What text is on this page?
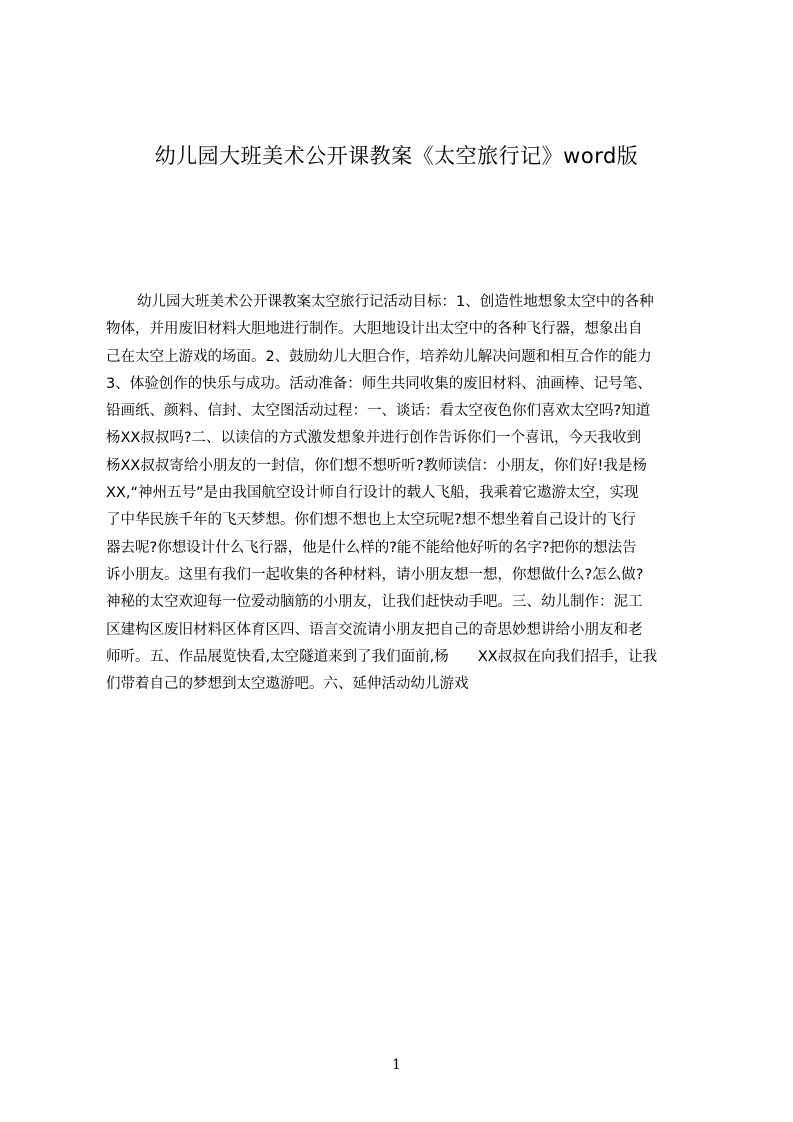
幼儿园大班美术公开课教案《太空旅行记》word版
幼儿园大班美术公开课教案太空旅行记活动目标：1、创造性地想象太空中的各种
物体，并用废旧材料大胆地进行制作。大胆地设计出太空中的各种飞行器，想象出自
己在太空上游戏的场面。2、鼓励幼儿大胆合作，培养幼儿解决问题和相互合作的能力
3、体验创作的快乐与成功。活动准备：师生共同收集的废旧材料、油画棒、记号笔、
铅画纸、颜料、信封、太空图活动过程：一、谈话：看太空夜色你们喜欢太空吗?知道
杨XX叔叔吗?二、以读信的方式激发想象并进行创作告诉你们一个喜讯，今天我收到
杨XX叔叔寄给小朋友的一封信，你们想不想听听?教师读信：小朋友，你们好!我是杨
XX,“神州五号”是由我国航空设计师自行设计的载人飞船，我乘着它遨游太空，实现
了中华民族千年的飞天梦想。你们想不想也上太空玩呢?想不想坐着自己设计的飞行
器去呢?你想设计什么飞行器，他是什么样的?能不能给他好听的名字?把你的想法告
诉小朋友。这里有我们一起收集的各种材料，请小朋友想一想，你想做什么?怎么做?
神秘的太空欢迎每一位爱动脑筋的小朋友，让我们赶快动手吧。三、幼儿制作：泥工
区建构区废旧材料区体育区四、语言交流请小朋友把自己的奇思妙想讲给小朋友和老
师听。五、作品展览快看,太空隧道来到了我们面前,杨　　XX叔叔在向我们招手，让我
们带着自己的梦想到太空遨游吧。六、延伸活动幼儿游戏
1
